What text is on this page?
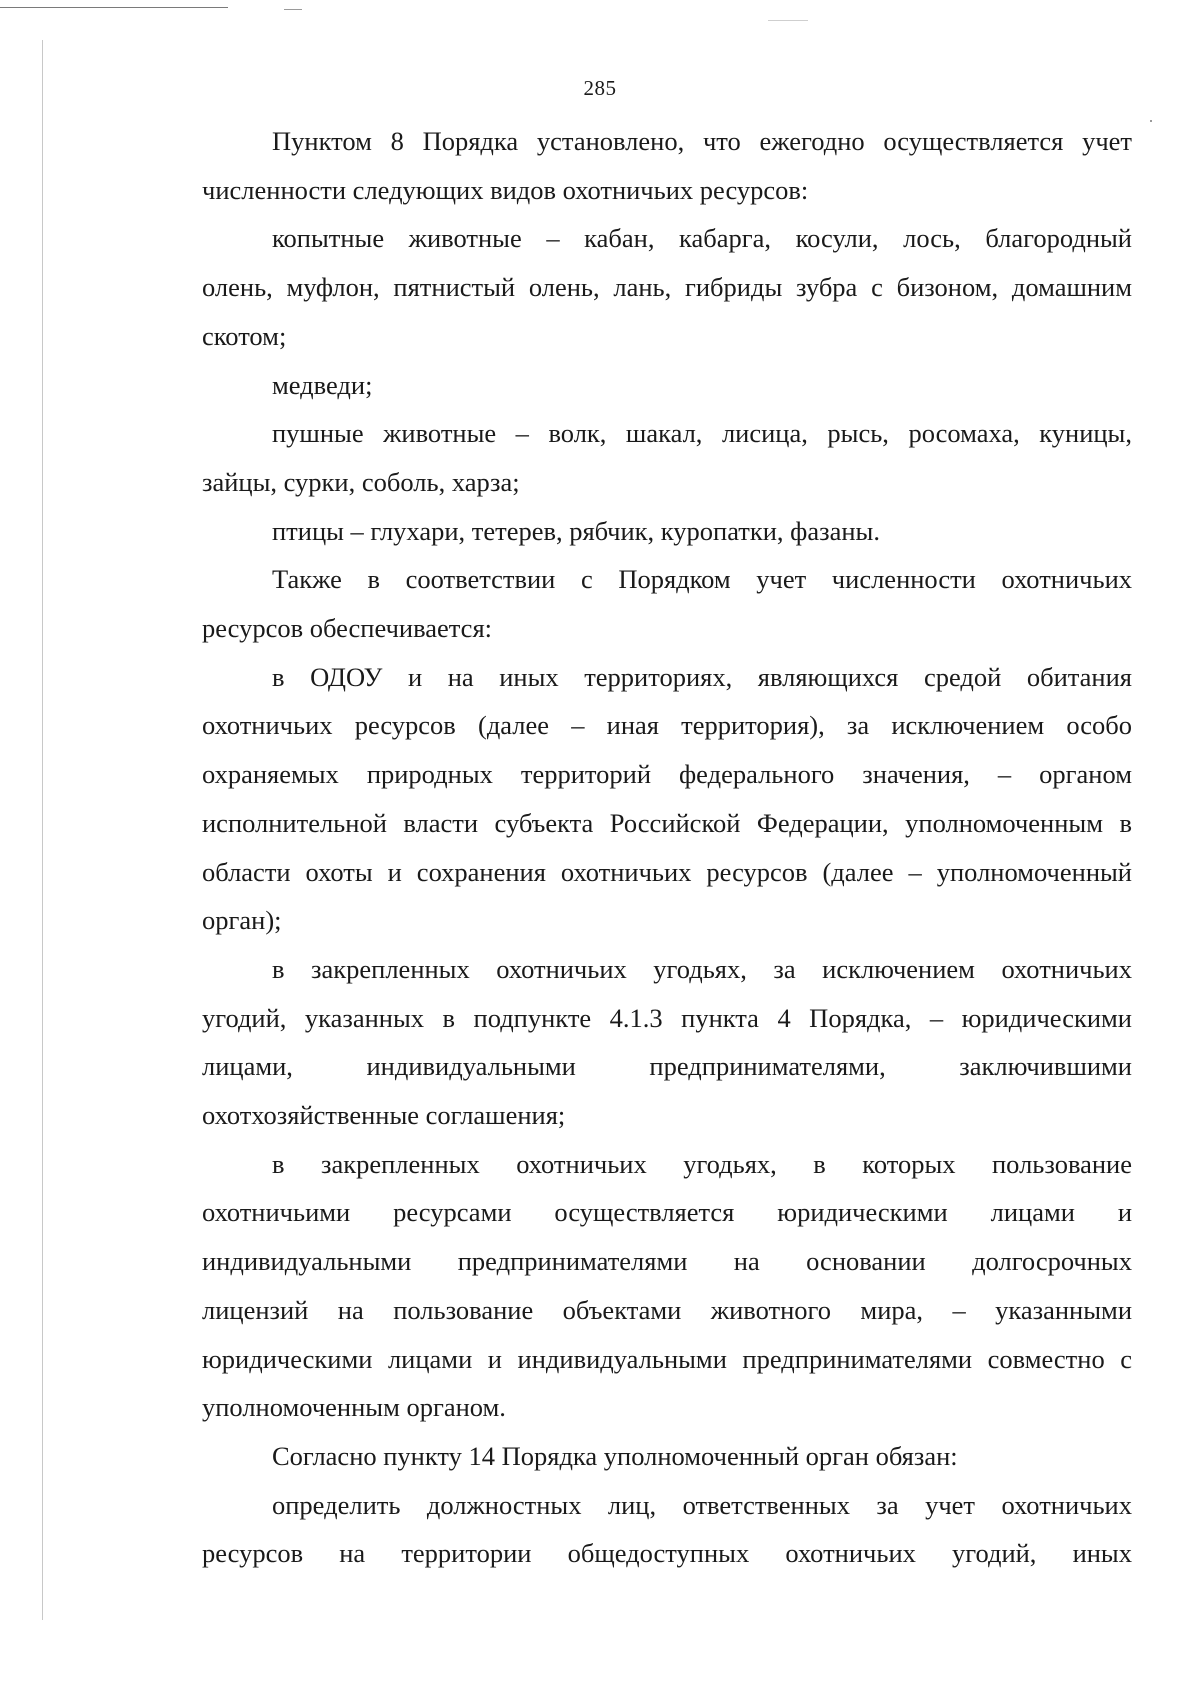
285

Пунктом 8 Порядка установлено, что ежегодно осуществляется учет
численности следующих видов охотничьих ресурсов:

копытные животные – кабан, кабарга, косули, лось, благородный
олень, муфлон, пятнистый олень, лань, гибриды зубра с бизоном, домашним
скотом;

медведи;

пушные животные – волк, шакал, лисица, рысь, росомаха, куницы,
зайцы, сурки, соболь, харза;

птицы – глухари, тетерев, рябчик, куропатки, фазаны.

Также в соответствии с Порядком учет численности охотничьих
ресурсов обеспечивается:

в ОДОУ и на иных территориях, являющихся средой обитания
охотничьих ресурсов (далее – иная территория), за исключением особо
охраняемых природных территорий федерального значения, – органом
исполнительной власти субъекта Российской Федерации, уполномоченным в
области охоты и сохранения охотничьих ресурсов (далее – уполномоченный
орган);

в закрепленных охотничьих угодьях, за исключением охотничьих
угодий, указанных в подпункте 4.1.3 пункта 4 Порядка, – юридическими
лицами, индивидуальными предпринимателями, заключившими
охотхозяйственные соглашения;

в закрепленных охотничьих угодьях, в которых пользование
охотничьими ресурсами осуществляется юридическими лицами и
индивидуальными предпринимателями на основании долгосрочных
лицензий на пользование объектами животного мира, – указанными
юридическими лицами и индивидуальными предпринимателями совместно с
уполномоченным органом.

Согласно пункту 14 Порядка уполномоченный орган обязан:

определить должностных лиц, ответственных за учет охотничьих
ресурсов на территории общедоступных охотничьих угодий, иных
